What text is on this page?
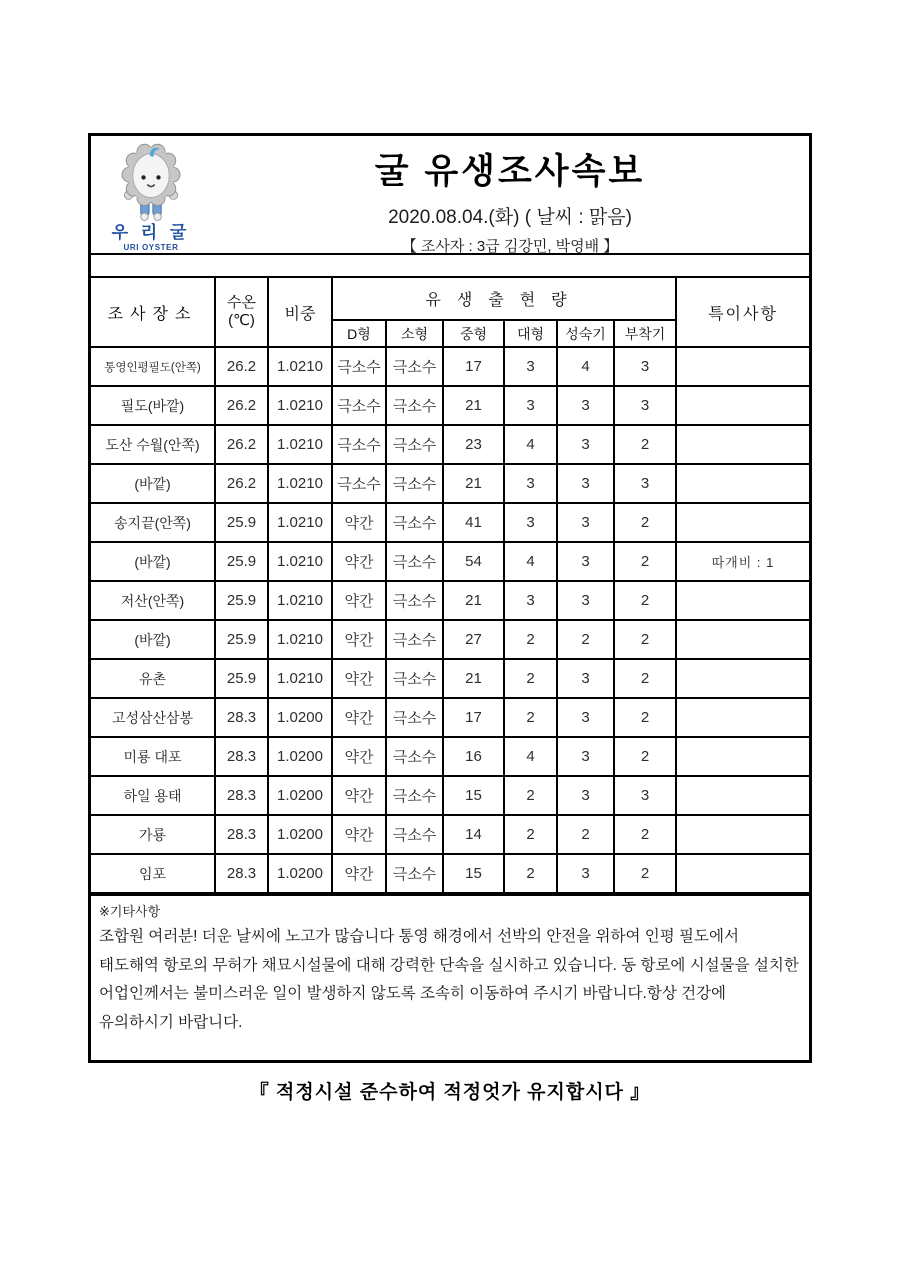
우 리 굴
URI OYSTER
굴 유생조사속보
2020.08.04.(화) ( 날씨 : 맑음)
【 조사자 : 3급 김강민, 박영배 】
조사장소	수온
(℃)	비중	유생출현량						특이사항
			D형	소형	중형	대형	성숙기	부착기	
통영인평필도(안쪽)	26.2	1.0210	극소수	극소수	17	3	4	3	
필도(바깥)	26.2	1.0210	극소수	극소수	21	3	3	3	
도산 수월(안쪽)	26.2	1.0210	극소수	극소수	23	4	3	2	
(바깥)	26.2	1.0210	극소수	극소수	21	3	3	3	
송지끝(안쪽)	25.9	1.0210	약간	극소수	41	3	3	2	
(바깥)	25.9	1.0210	약간	극소수	54	4	3	2	따개비 : 1
저산(안쪽)	25.9	1.0210	약간	극소수	21	3	3	2	
(바깥)	25.9	1.0210	약간	극소수	27	2	2	2	
유촌	25.9	1.0210	약간	극소수	21	2	3	2	
고성삼산삼봉	28.3	1.0200	약간	극소수	17	2	3	2	
미룡 대포	28.3	1.0200	약간	극소수	16	4	3	2	
하일 용태	28.3	1.0200	약간	극소수	15	2	3	3	
가룡	28.3	1.0200	약간	극소수	14	2	2	2	
임포	28.3	1.0200	약간	극소수	15	2	3	2	
※기타사항
조합원 여러분! 더운 날씨에 노고가 많습니다 통영 해경에서 선박의 안전을 위하여 인평 필도에서 태도해역 항로의 무허가 채묘시설물에 대해 강력한 단속을 실시하고 있습니다. 동 항로에 시설물을 설치한 어업인께서는 불미스러운 일이 발생하지 않도록 조속히 이동하여 주시기 바랍니다.항상 건강에 유의하시기 바랍니다.
『 적정시설 준수하여 적정엇가 유지합시다 』
